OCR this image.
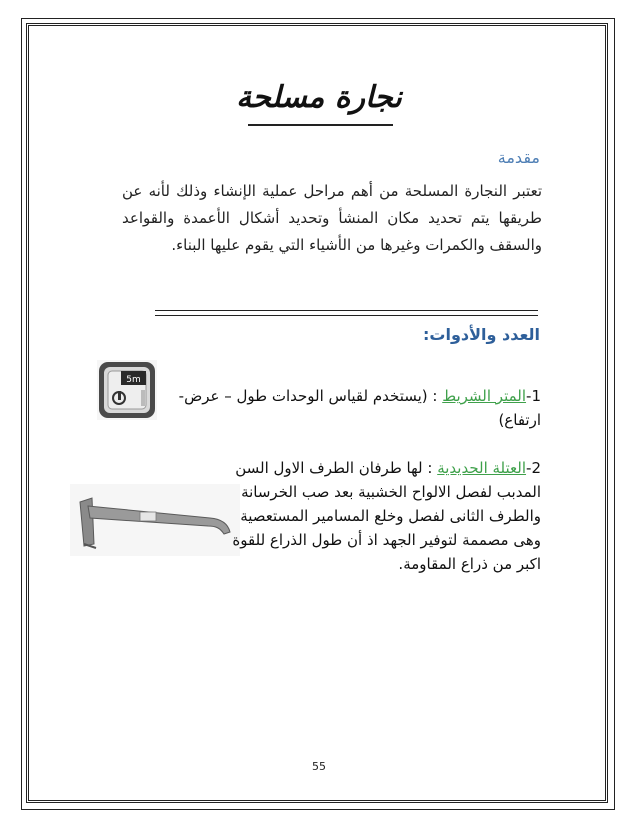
نجارة مسلحة
مقدمة
تعتبر النجارة المسلحة من أهم مراحل عملية الإنشاء وذلك لأنه عن طريقها يتم تحديد مكان المنشأ وتحديد أشكال الأعمدة والقواعد والسقف والكمرات وغيرها من الأشياء التي يقوم عليها البناء.
العدد والأدوات:
5m
1-المتر الشريط : (يستخدم لقياس الوحدات طول – عرض-ارتفاع)
2-العتلة الحديدية : لها طرفان الطرف الاول السن المدبب لفصل الالواح الخشبية بعد صب الخرسانة والطرف الثانى لفصل وخلع المسامير المستعصية وهى مصممة لتوفير الجهد اذ أن طول الذراع للقوة اكبر من ذراع المقاومة.
55
